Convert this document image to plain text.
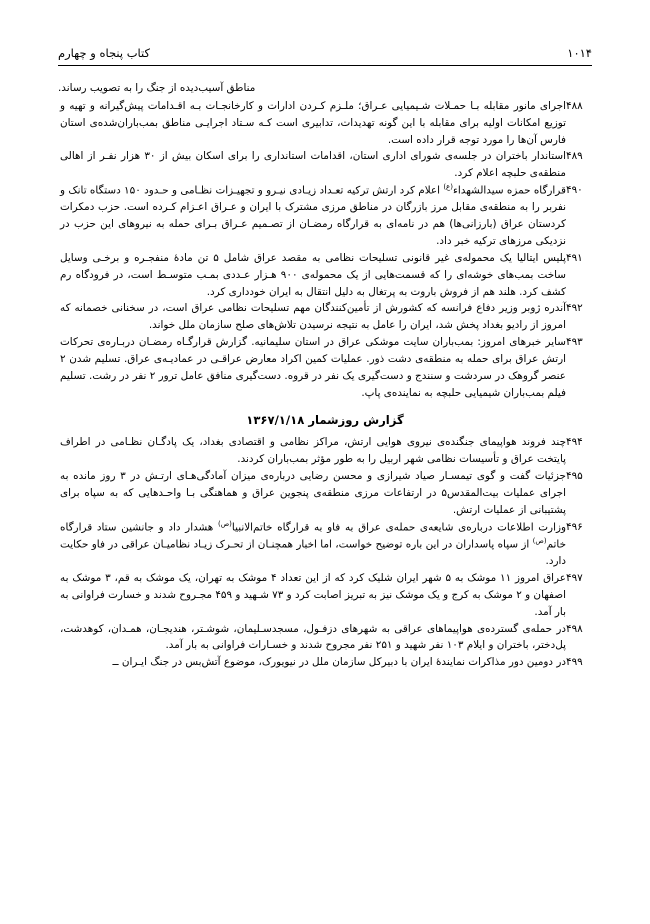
کتاب پنجاه و چهارم	۱۰۱۴
مناطق آسیب‌دیده از جنگ را به تصویب رساند.
۴۸۸
اجرای مانور مقابله بـا حمـلات شـیمیایی عـراق؛ ملـزم کـردن ادارات و کارخانجـات بـه اقـدامات پیش‌گیرانه و تهیه و توزیع امکانات اولیه برای مقابله با این گونه تهدیدات، تدابیری است کـه سـتاد اجرایـی مناطق بمب‌باران‌شده‌ی استان فارس آن‌ها را مورد توجه قرار داده است.
۴۸۹
استاندار باختران در جلسه‌ی شورای اداری استان، اقدامات استانداری را برای اسکان بیش از ۳۰ هزار نفـر از اهالی منطقه‌ی حلبچه اعلام کرد.
۴۹۰
قرارگاه حمزه سیدالشهداء$^{(ع)}$ اعلام کرد ارتش ترکیه تعـداد زیـادی نیـرو و تجهیـزات نظـامی و حـدود ۱۵۰ دستگاه تانک و نفربر را به منطقه‌ی مقابل مرز بازرگان در مناطق مرزی مشترک با ایران و عـراق اعـزام کـرده است. حزب دمکرات کردستان عراق (بارزانی‌ها) هم در نامه‌ای به قرارگاه رمضـان از تصـمیم عـراق بـرای حمله به نیروهای این حزب در نزدیکی مرزهای ترکیه خبر داد.
۴۹۱
پلیس ایتالیا یک محموله‌ی غیر قانونی تسلیحات نظامی به مقصد عراق شامل ۵ تن مادهٔ منفجـره و برخـی وسایل ساخت بمب‌های خوشه‌ای را که قسمت‌هایی از یک محموله‌ی ۹۰۰ هـزار عـددی بمـب متوسـط است، در فرودگاه رم کشف کرد. هلند هم از فروش باروت به پرتغال به دلیل انتقال به ایران خودداری کرد.
۴۹۲
آندره ژوبر وزیر دفاع فرانسه که کشورش از تأمین‌کنندگان مهم تسلیحات نظامی عراق است، در سخنانی خصمانه که امروز از رادیو بغداد پخش شد، ایران را عامل به نتیجه نرسیدن تلاش‌های صلح سازمان ملل خواند.
۴۹۳
سایر خبرهای امروز: بمب‌باران سایت موشکی عراق در استان سلیمانیه. گزارش قرارگـاه رمضـان دربـاره‌ی تحرکات ارتش عراق برای حمله به منطقه‌ی دشت ذور. عملیات کمین اکراد معارض عراقـی در عمادیـه‌ی عراق. تسلیم شدن ۲ عنصر گروهک در سردشت و سنندج و دست‌گیری یک نفر در قروه. دست‌گیری منافق عامل ترور ۲ نفر در رشت. تسلیم فیلم بمب‌باران شیمیایی حلبچه به نماینده‌ی پاپ.
گزارش روزشمار ۱۳۶۷/۱/۱۸
۴۹۴
چند فروند هواپیمای جنگنده‌ی نیروی هوایی ارتش، مراکز نظامی و اقتصادی بغداد، یک پادگـان نظـامی در اطراف پایتخت عراق و تأسیسات نظامی شهر اربیل را به طور مؤثر بمب‌باران کردند.
۴۹۵
جزئیات گفت و گوی تیمسـار صیاد شیرازی و محسن رضایی درباره‌ی میزان آمادگی‌هـای ارتـش در ۳ روز مانده به اجرای عملیات بیت‌المقدس۵ در ارتفاعات مرزی منطقه‌ی پنجوین عراق و هماهنگی بـا واحـدهایی که به سپاه برای پشتیبانی از عملیات ارتش.
۴۹۶
وزارت اطلاعات درباره‌ی شایعه‌ی حمله‌ی عراق به فاو به قرارگاه خاتم‌الانبیا$^{(ص)}$ هشدار داد و جانشین ستاد قرارگاه خاتم$^{(ص)}$ از سپاه پاسداران در این باره توضیح خواست، اما اخبار همچنـان از تحـرک زیـاد نظامیـان عراقی در فاو حکایت دارد.
۴۹۷
عراق امروز ۱۱ موشک به ۵ شهر ایران شلیک کرد که از این تعداد ۴ موشک به تهران، یک موشک به قم، ۳ موشک به اصفهان و ۲ موشک به کرج و یک موشک نیز به تبریز اصابت کرد و ۷۳ شـهید و ۴۵۹ مجـروح شدند و خسارت فراوانی به بار آمد.
۴۹۸
در حمله‌ی گسترده‌ی هواپیماهای عراقی به شهرهای دزفـول، مسجدسـلیمان، شوشـتر، هندیجـان، همـدان، کوهدشت، پل‌دختر، باختران و ایلام ۱۰۳ نفر شهید و ۲۵۱ نفر مجروح شدند و خسـارات فراوانی به بار آمد.
۴۹۹
در دومین دور مذاکرات نمایندهٔ ایران با دبیرکل سازمان ملل در نیویورک، موضوع آتش‌بس در جنگ ایـران ــ
